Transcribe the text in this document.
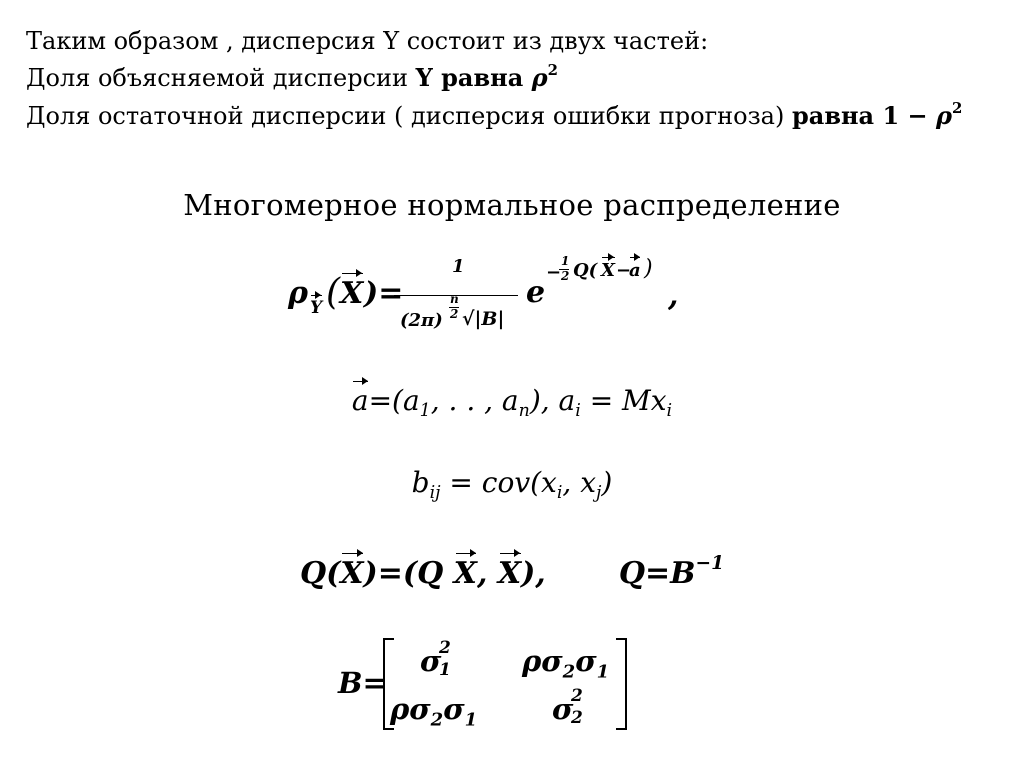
Таким образом , дисперсия Y состоит из двух частей:
Доля объясняемой дисперсии Y равна $\rho^2$
Доля остаточной дисперсии ( дисперсия ошибки прогноза) равна $1 - \rho^2$
Многомерное нормальное распределение
ρ Y ( X )=
1
(2π)
n
2 √|B|
e
−
1
2 Q( X −
a )
,
$a=(a_1$, . . , $a_n$), $a_i = Mx_i$
$b_{ij} = cov(x_i$, $x_j$)
Q(X)=(Q X, X), $Q=B^{-1}$
B=
σ
2
1 $\rho\sigma_2\sigma_1$
$\rho\sigma_2\sigma_1$	σ
2
2
